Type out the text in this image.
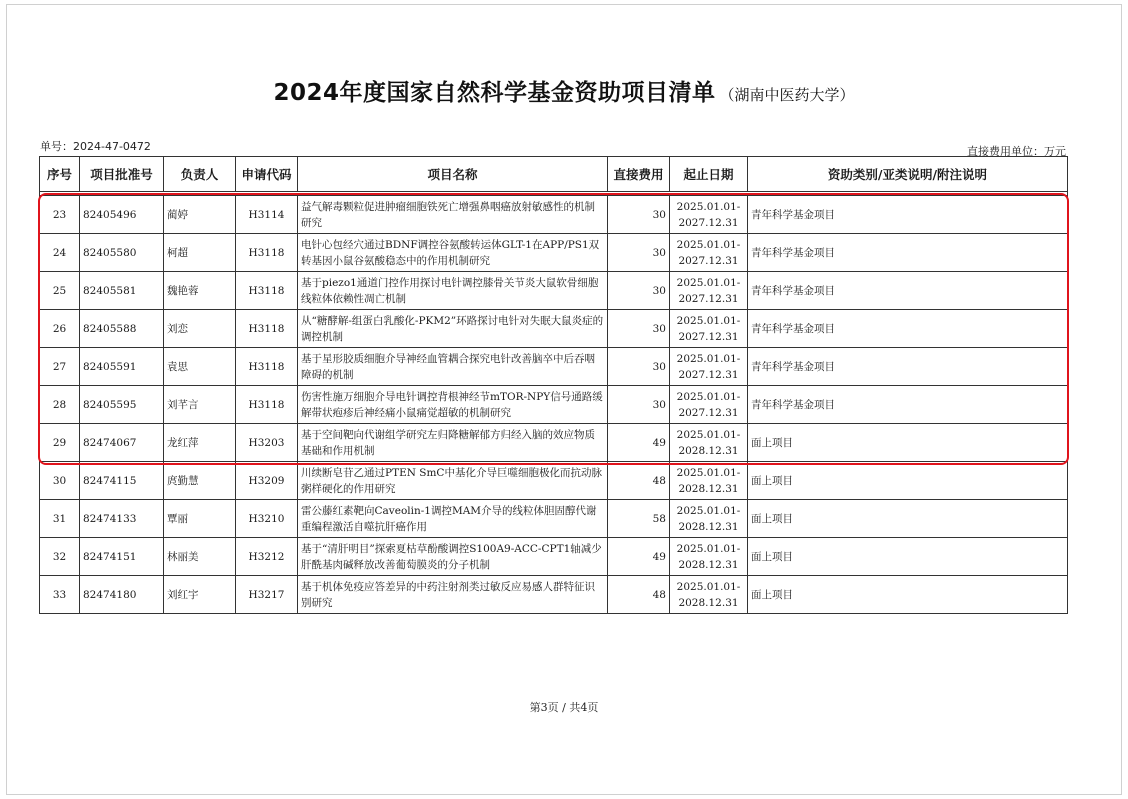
2024年度国家自然科学基金资助项目清单 （湖南中医药大学）
单号：2024-47-0472	直接费用单位：万元
序号	项目批准号	负责人	申请代码	项目名称	直接费用	起止日期	资助类别/亚类说明/附注说明

23	82405496	蔺婷	H3114	益气解毒颗粒促进肿瘤细胞铁死亡增强鼻咽癌放射敏感性的机制研究	30	2025.01.01-
2027.12.31	青年科学基金项目
24	82405580	柯超	H3118	电针心包经穴通过BDNF调控谷氨酸转运体GLT-1在APP/PS1双转基因小鼠谷氨酸稳态中的作用机制研究	30	2025.01.01-
2027.12.31	青年科学基金项目
25	82405581	魏艳蓉	H3118	基于piezo1通道门控作用探讨电针调控膝骨关节炎大鼠软骨细胞线粒体依赖性凋亡机制	30	2025.01.01-
2027.12.31	青年科学基金项目
26	82405588	刘恋	H3118	从“糖酵解-组蛋白乳酸化-PKM2”环路探讨电针对失眠大鼠炎症的调控机制	30	2025.01.01-
2027.12.31	青年科学基金项目
27	82405591	袁思	H3118	基于星形胶质细胞介导神经血管耦合探究电针改善脑卒中后吞咽障碍的机制	30	2025.01.01-
2027.12.31	青年科学基金项目
28	82405595	刘芊言	H3118	伤害性施万细胞介导电针调控背根神经节mTOR-NPY信号通路缓解带状疱疹后神经痛小鼠痛觉超敏的机制研究	30	2025.01.01-
2027.12.31	青年科学基金项目
29	82474067	龙红萍	H3203	基于空间靶向代谢组学研究左归降糖解郁方归经入脑的效应物质基础和作用机制	49	2025.01.01-
2028.12.31	面上项目
30	82474115	庹勤慧	H3209	川续断皂苷乙通过PTEN SmC中基化介导巨噬细胞极化而抗动脉粥样硬化的作用研究	48	2025.01.01-
2028.12.31	面上项目
31	82474133	覃丽	H3210	雷公藤红素靶向Caveolin-1调控MAM介导的线粒体胆固醇代谢重编程激活自噬抗肝癌作用	58	2025.01.01-
2028.12.31	面上项目
32	82474151	林丽美	H3212	基于“清肝明目”探索夏枯草酚酸调控S100A9-ACC-CPT1轴减少肝酰基肉碱释放改善葡萄膜炎的分子机制	49	2025.01.01-
2028.12.31	面上项目
33	82474180	刘红宇	H3217	基于机体免疫应答差异的中药注射剂类过敏反应易感人群特征识别研究	48	2025.01.01-
2028.12.31	面上项目
第3页 / 共4页
